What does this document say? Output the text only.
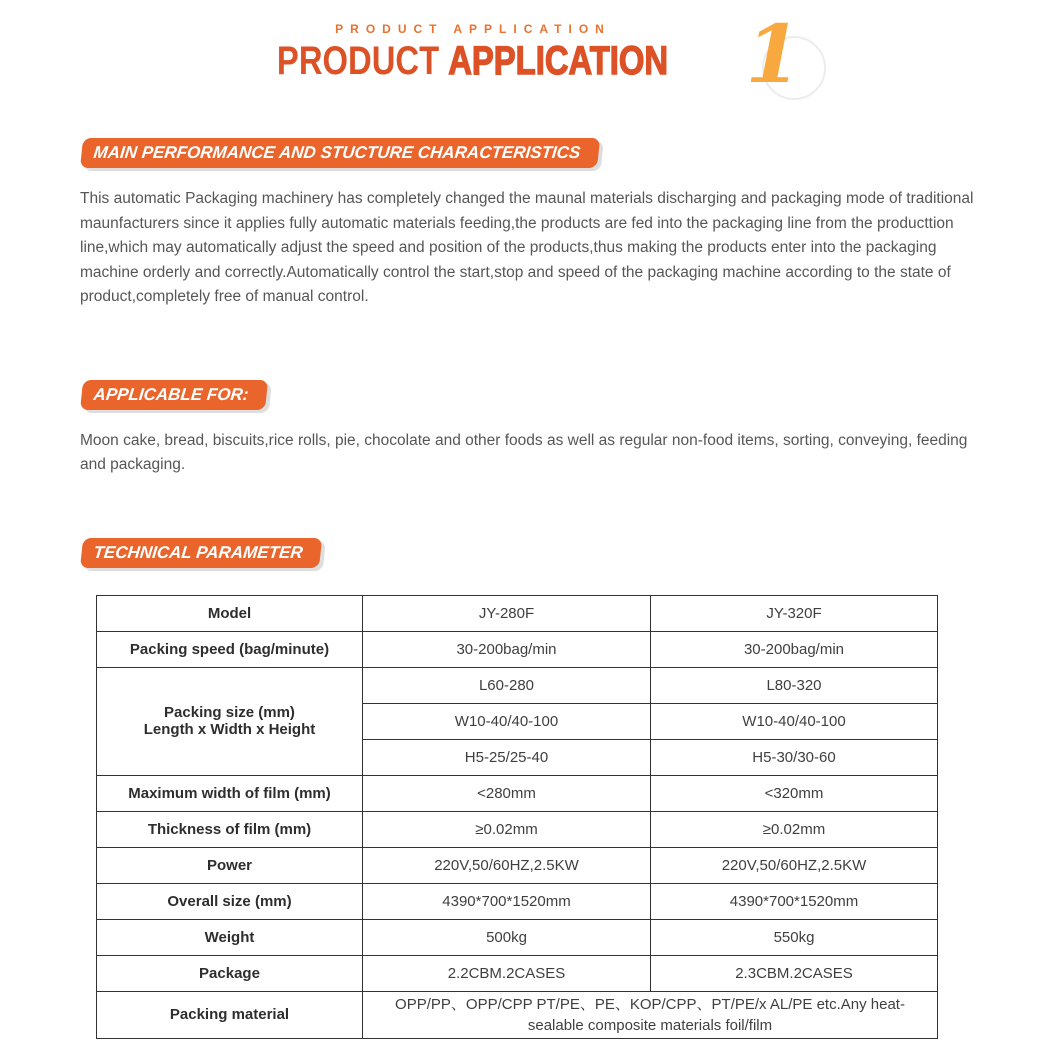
PRODUCT APPLICATION
PRODUCT APPLICATION 1
MAIN PERFORMANCE AND STUCTURE CHARACTERISTICS

This automatic Packaging machinery has completely changed the maunal materials discharging and packaging mode of traditional maunfacturers since it applies fully automatic materials feeding,the products are fed into the packaging line from the producttion line,which may automatically adjust the speed and position of the products,thus making the products enter into the packaging machine orderly and correctly.Automatically control the start,stop and speed of the packaging machine according to the state of product,completely free of manual control.

APPLICABLE FOR:

Moon cake, bread, biscuits,rice rolls, pie, chocolate and other foods as well as regular non-food items, sorting, conveying, feeding and packaging.

TECHNICAL PARAMETER
Model	JY-280F	JY-320F
Packing speed (bag/minute)	30-200bag/min	30-200bag/min

Packing size (mm)
Length x Width x Height	L60-280	L80-320
	W10-40/40-100	W10-40/40-100
	H5-25/25-40	H5-30/30-60
Maximum width of film (mm)	<280mm	<320mm
Thickness of film (mm)	≥0.02mm	≥0.02mm
Power	220V,50/60HZ,2.5KW	220V,50/60HZ,2.5KW
Overall size (mm)	4390*700*1520mm	4390*700*1520mm
Weight	500kg	550kg
Package	2.2CBM.2CASES	2.3CBM.2CASES
Packing material	OPP/PP、OPP/CPP PT/PE、PE、KOP/CPP、PT/PE/x AL/PE etc.Any heat-sealable composite materials foil/film	
